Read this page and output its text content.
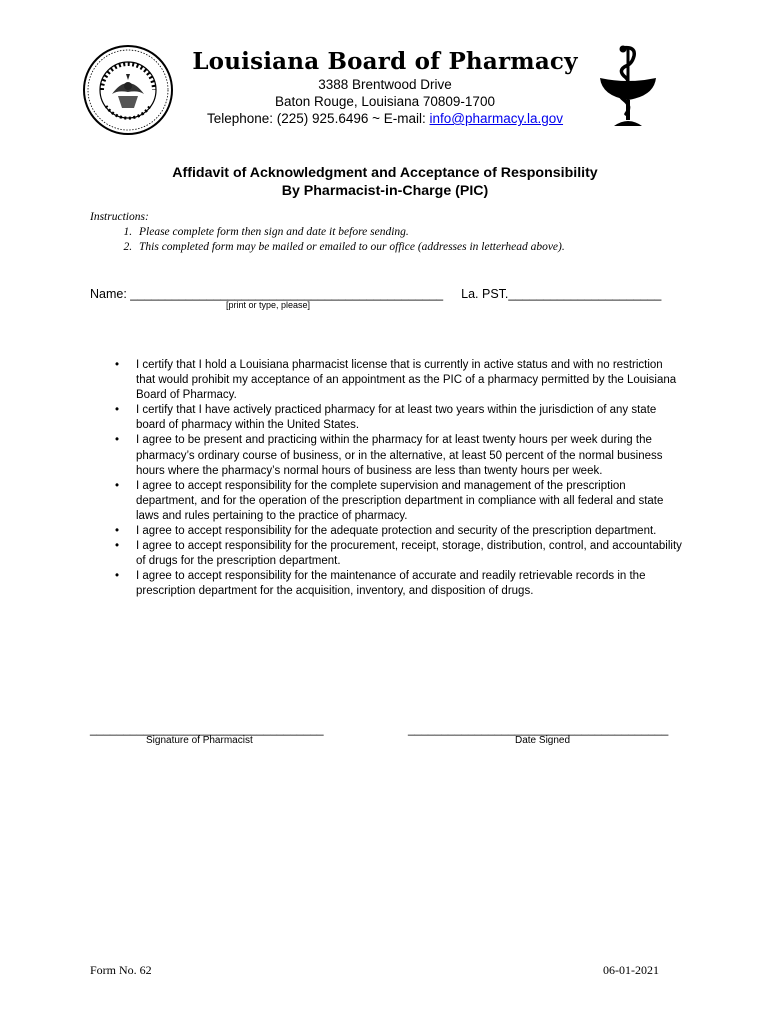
Louisiana Board of Pharmacy
3388 Brentwood Drive
Baton Rouge, Louisiana 70809-1700
Telephone: (225) 925.6496 ~ E-mail: info@pharmacy.la.gov
Affidavit of Acknowledgment and Acceptance of Responsibility
By Pharmacist-in-Charge (PIC)
Instructions:
1. Please complete form then sign and date it before sending.
2. This completed form may be mailed or emailed to our office (addresses in letterhead above).
Name: _____________________________________________ La. PST.______________________
[print or type, please]
• I certify that I hold a Louisiana pharmacist license that is currently in active status and with no restriction that would prohibit my acceptance of an appointment as the PIC of a pharmacy permitted by the Louisiana Board of Pharmacy.
• I certify that I have actively practiced pharmacy for at least two years within the jurisdiction of any state board of pharmacy within the United States.
• I agree to be present and practicing within the pharmacy for at least twenty hours per week during the pharmacy’s ordinary course of business, or in the alternative, at least 50 percent of the normal business hours where the pharmacy’s normal hours of business are less than twenty hours per week.
• I agree to accept responsibility for the complete supervision and management of the prescription department, and for the operation of the prescription department in compliance with all federal and state laws and rules pertaining to the practice of pharmacy.
• I agree to accept responsibility for the adequate protection and security of the prescription department.
• I agree to accept responsibility for the procurement, receipt, storage, distribution, control, and accountability of drugs for the prescription department.
• I agree to accept responsibility for the maintenance of accurate and readily retrievable records in the prescription department for the acquisition, inventory, and disposition of drugs.
___________________________________
Signature of Pharmacist
_______________________________________
Date Signed
Form No. 62	06-01-2021
